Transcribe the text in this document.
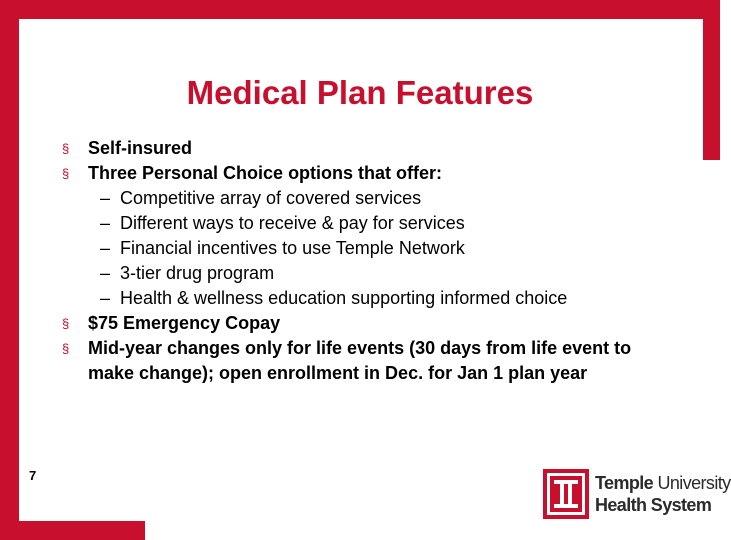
Medical Plan Features
§ Self-insured
§ Three Personal Choice options that offer:
– Competitive array of covered services
– Different ways to receive & pay for services
– Financial incentives to use Temple Network
– 3-tier drug program
– Health & wellness education supporting informed choice
§ $75 Emergency Copay
§ Mid-year changes only for life events (30 days from life event to make change); open enrollment in Dec. for Jan 1 plan year
7	Temple University
Health System
